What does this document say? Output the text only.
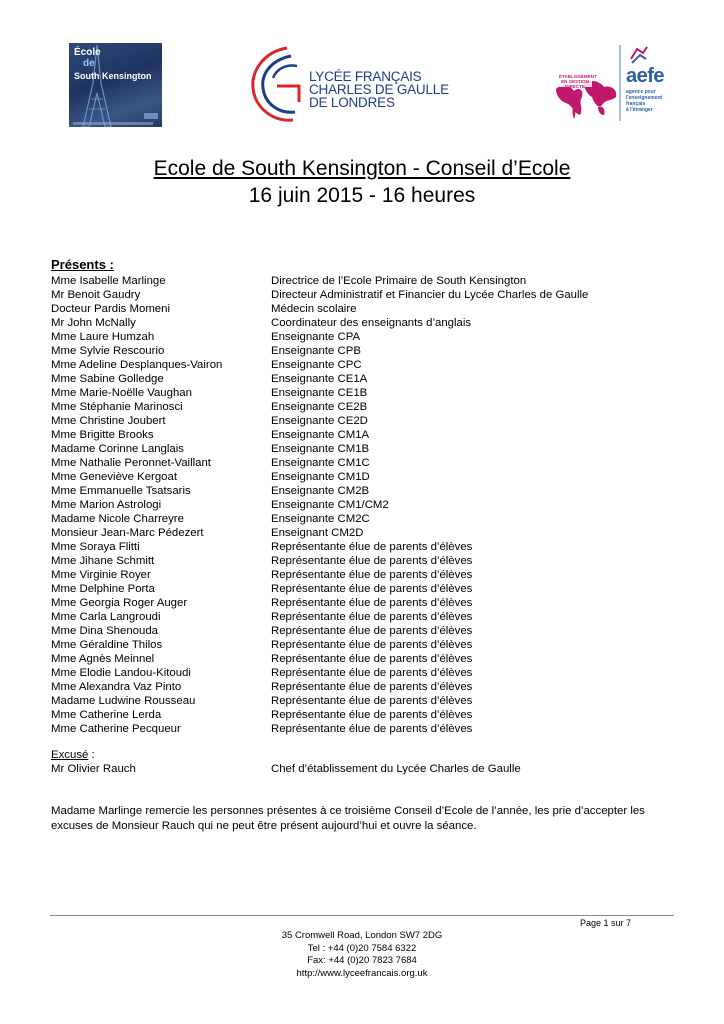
École
de
South Kensington	LYCÉE FRANÇAIS
CHARLES DE GAULLE
DE LONDRES
ÉTABLISSEMENT
EN GESTION DIRECTE	aefe
agence pour
l'enseignement
français
à l'étranger
Ecole de South Kensington - Conseil d’Ecole
16 juin 2015 - 16 heures
Présents :
Mme Isabelle Marlinge	Directrice de l’Ecole Primaire de South Kensington
Mr Benoit Gaudry	Directeur Administratif et Financier du Lycée Charles de Gaulle
Docteur Pardis Momeni	Médecin scolaire
Mr John McNally	Coordinateur des enseignants d’anglais
Mme Laure Humzah	Enseignante CPA
Mme Sylvie Rescourio	Enseignante CPB
Mme Adeline Desplanques-Vairon	Enseignante CPC
Mme Sabine Golledge	Enseignante CE1A
Mme Marie-Noëlle Vaughan	Enseignante CE1B
Mme Stéphanie Marinosci	Enseignante CE2B
Mme Christine Joubert	Enseignante CE2D
Mme Brigitte Brooks	Enseignante CM1A
Madame Corinne Langlais	Enseignante CM1B
Mme Nathalie Peronnet-Vaillant	Enseignante CM1C
Mme Geneviève Kergoat	Enseignante CM1D
Mme Emmanuelle Tsatsaris	Enseignante CM2B
Mme Marion Astrologi	Enseignante CM1/CM2
Madame Nicole Charreyre	Enseignante CM2C
Monsieur Jean-Marc Pédezert	Enseignant CM2D
Mme Soraya Flitti	Représentante élue de parents d’élèves
Mme Jihane Schmitt	Représentante élue de parents d’élèves
Mme Virginie Royer	Représentante élue de parents d’élèves
Mme Delphine Porta	Représentante élue de parents d’élèves
Mme Georgia Roger Auger	Représentante élue de parents d’élèves
Mme Carla Langroudi	Représentante élue de parents d’élèves
Mme Dina Shenouda	Représentante élue de parents d’élèves
Mme Géraldine Thilos	Représentante élue de parents d’élèves
Mme Agnès Meinnel	Représentante élue de parents d’élèves
Mme Elodie Landou-Kitoudi	Représentante élue de parents d’élèves
Mme Alexandra Vaz Pinto	Représentante élue de parents d’élèves
Madame Ludwine Rousseau	Représentante élue de parents d’élèves
Mme Catherine Lerda	Représentante élue de parents d’élèves
Mme Catherine Pecqueur	Représentante élue de parents d’élèves
Excusé :
Mr Olivier Rauch	Chef d’établissement du Lycée Charles de Gaulle
Madame Marlinge remercie les personnes présentes à ce troisième Conseil d’Ecole de l’année, les prie d’accepter les excuses de Monsieur Rauch qui ne peut être présent aujourd’hui et ouvre la séance.
Page 1 sur 7
35 Cromwell Road, London SW7 2DG
Tel : +44 (0)20 7584 6322
Fax: +44 (0)20 7823 7684
http://www.lyceefrancais.org.uk
